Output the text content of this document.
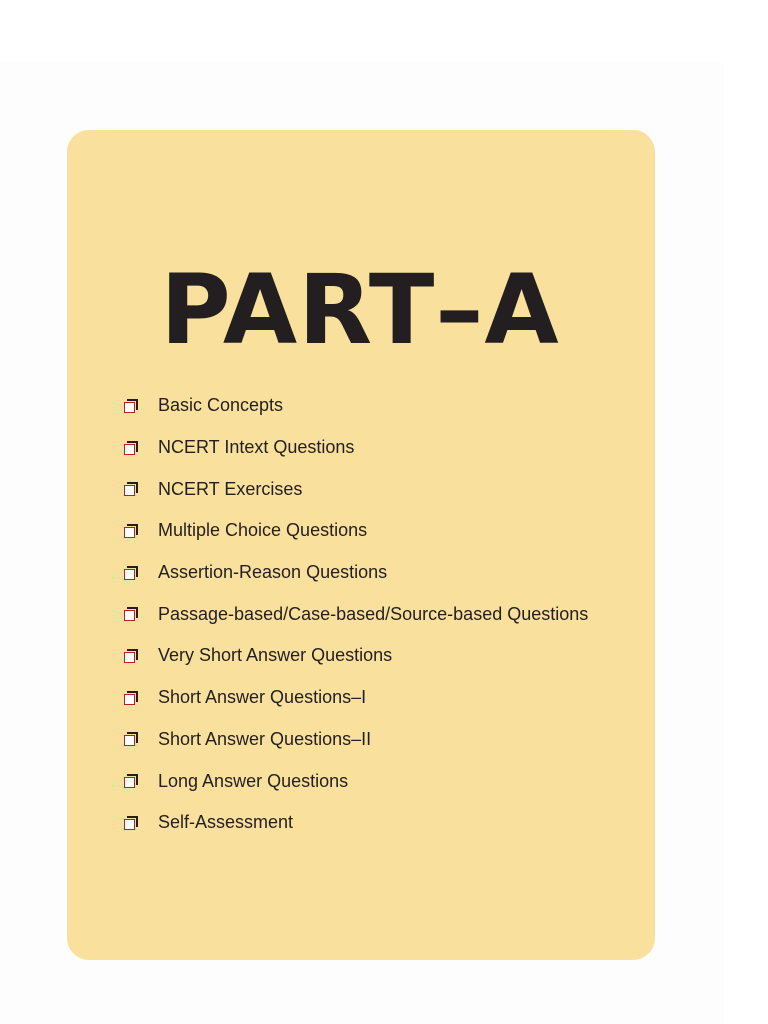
PART–A
Basic Concepts
NCERT Intext Questions
NCERT Exercises
Multiple Choice Questions
Assertion-Reason Questions
Passage-based/Case-based/Source-based Questions
Very Short Answer Questions
Short Answer Questions–I
Short Answer Questions–II
Long Answer Questions
Self-Assessment
